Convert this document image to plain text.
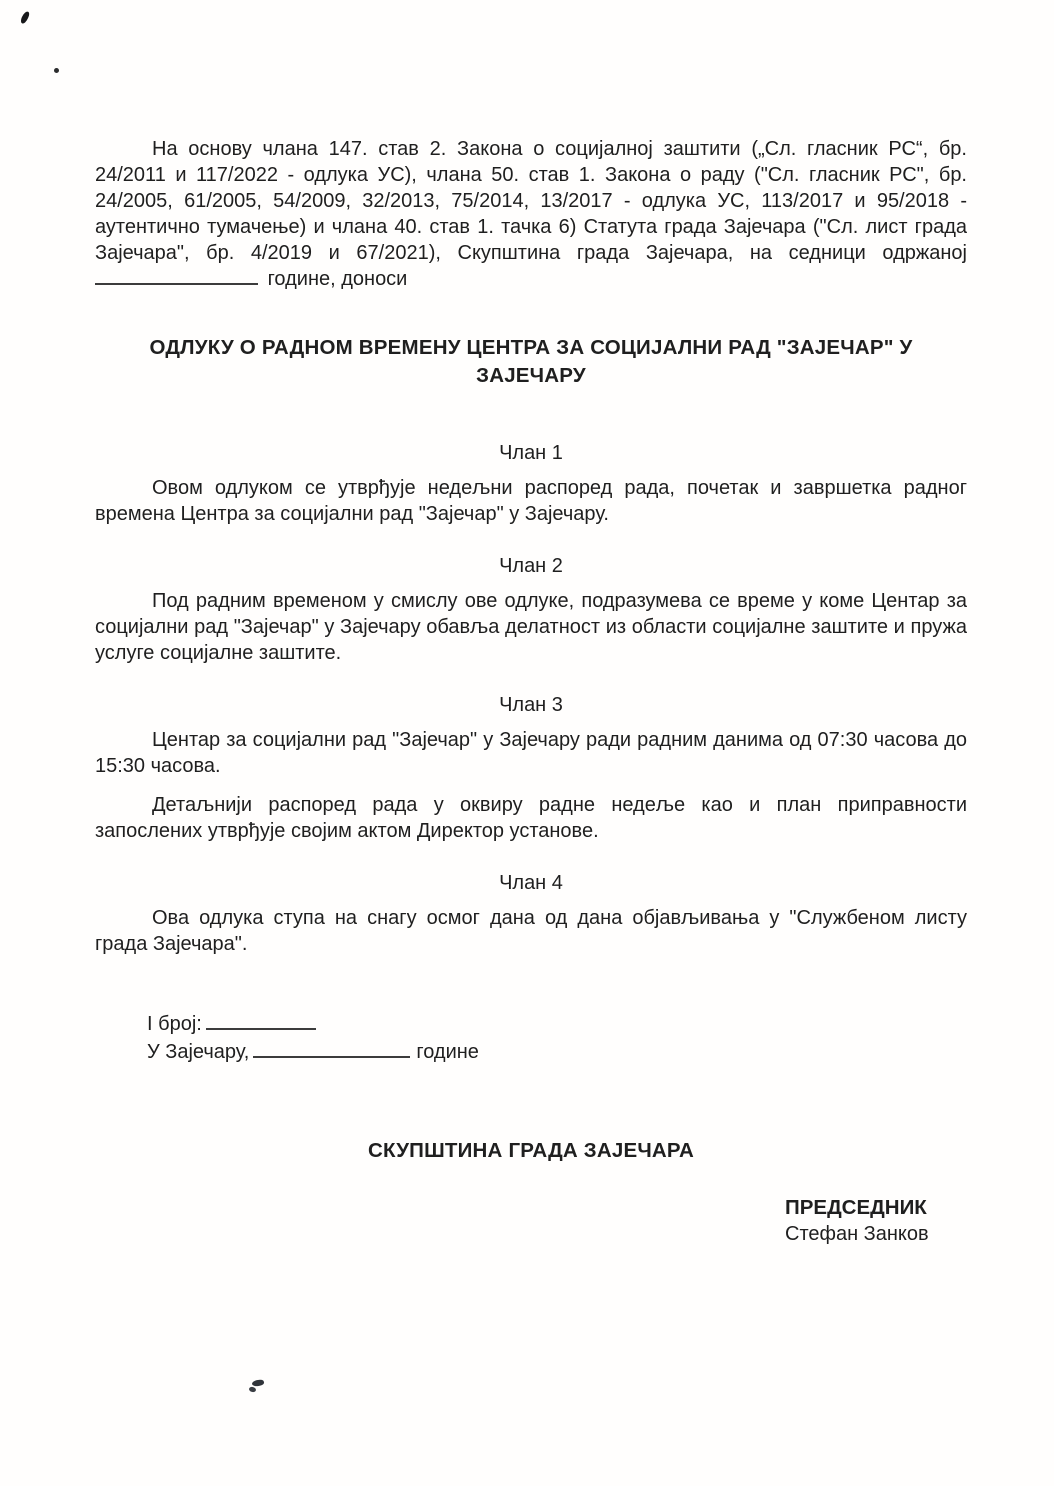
На основу члана 147. став 2. Закона о социјалној заштити („Сл. гласник РС“, бр. 24/2011 и 117/2022 - одлука УС), члана 50. став 1. Закона о раду ("Сл. гласник РС", бр. 24/2005, 61/2005, 54/2009, 32/2013, 75/2014, 13/2017 - одлука УС, 113/2017 и 95/2018 - аутентично тумачење) и члана 40. став 1. тачка 6) Статута града Зајечара ("Сл. лист града Зајечара", бр. 4/2019 и 67/2021), Скупштина града Зајечара, на седници одржаној  године, доноси

ОДЛУКУ О РАДНОМ ВРЕМЕНУ ЦЕНТРА ЗА СОЦИЈАЛНИ РАД "ЗАЈЕЧАР" У ЗАЈЕЧАРУ

Члан 1

Овом одлуком се утврђује недељни распоред рада, почетак и завршетка радног времена Центра за социјални рад "Зајечар" у Зајечару.

Члан 2

Под радним временом у смислу ове одлуке, подразумева се време у коме Центар за социјални рад "Зајечар" у Зајечару обавља делатност из области социјалне заштите и пружа услуге социјалне заштите.

Члан 3

Центар за социјални рад "Зајечар" у Зајечару ради радним данима од 07:30 часова до 15:30 часова.

Детаљнији распоред рада у оквиру радне недеље као и план приправности запослених утврђује својим актом Директор установе.

Члан 4

Ова одлука ступа на снагу осмог дана од дана објављивања у "Службеном листу града Зајечара".

I број:

У Зајечару,	године

СКУПШТИНА ГРАДА ЗАЈЕЧАРА

ПРЕДСЕДНИК

Стефан Занков
